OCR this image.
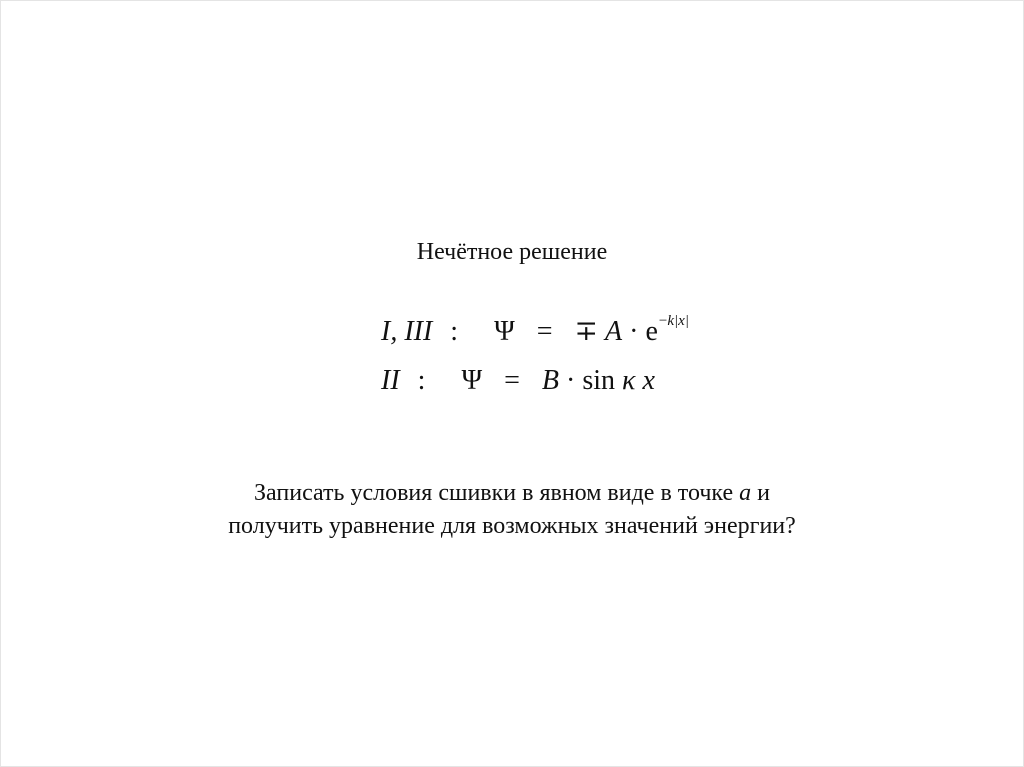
Нечётное решение
I, III : Ψ = ∓ $A \cdot e^{-k|x|}$
II : Ψ = B · sin κ x
Записать условия сшивки в явном виде в точке a и
получить уравнение для возможных значений энергии?
